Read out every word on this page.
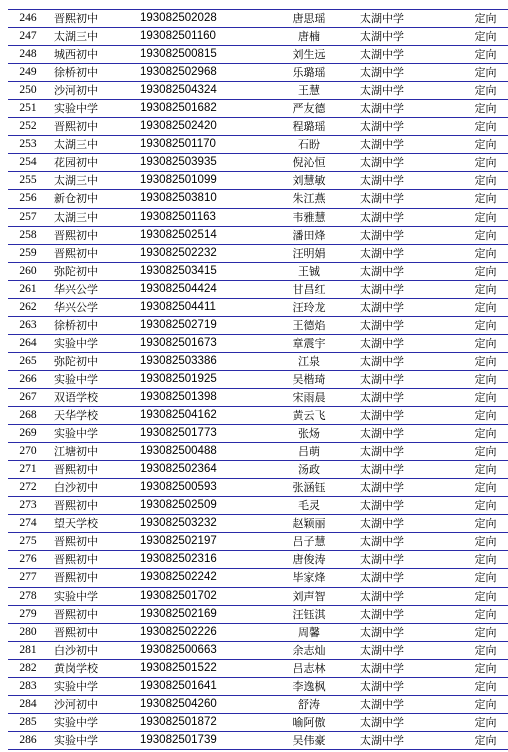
246	晋熙初中	193082502028	唐思瑶	太湖中学	定向
247	太湖三中	193082501160	唐楠	太湖中学	定向
248	城西初中	193082500815	刘生远	太湖中学	定向
249	徐桥初中	193082502968	乐璐瑶	太湖中学	定向
250	沙河初中	193082504324	王慧	太湖中学	定向
251	实验中学	193082501682	严友德	太湖中学	定向
252	晋熙初中	193082502420	程璐瑶	太湖中学	定向
253	太湖三中	193082501170	石盼	太湖中学	定向
254	花园初中	193082503935	倪沁恒	太湖中学	定向
255	太湖三中	193082501099	刘慧敏	太湖中学	定向
256	新仓初中	193082503810	朱江燕	太湖中学	定向
257	太湖三中	193082501163	韦雅慧	太湖中学	定向
258	晋熙初中	193082502514	潘田烽	太湖中学	定向
259	晋熙初中	193082502232	汪明娟	太湖中学	定向
260	弥陀初中	193082503415	王铖	太湖中学	定向
261	华兴公学	193082504424	甘昌红	太湖中学	定向
262	华兴公学	193082504411	汪玲龙	太湖中学	定向
263	徐桥初中	193082502719	王德焰	太湖中学	定向
264	实验中学	193082501673	章震宇	太湖中学	定向
265	弥陀初中	193082503386	江泉	太湖中学	定向
266	实验中学	193082501925	吴楷琦	太湖中学	定向
267	双语学校	193082501398	宋雨晨	太湖中学	定向
268	天华学校	193082504162	黄云飞	太湖中学	定向
269	实验中学	193082501773	张炀	太湖中学	定向
270	江塘初中	193082500488	吕萌	太湖中学	定向
271	晋熙初中	193082502364	汤政	太湖中学	定向
272	白沙初中	193082500593	张涵钰	太湖中学	定向
273	晋熙初中	193082502509	毛灵	太湖中学	定向
274	望天学校	193082503232	赵颖丽	太湖中学	定向
275	晋熙初中	193082502197	吕子慧	太湖中学	定向
276	晋熙初中	193082502316	唐俊涛	太湖中学	定向
277	晋熙初中	193082502242	毕家烽	太湖中学	定向
278	实验中学	193082501702	刘声智	太湖中学	定向
279	晋熙初中	193082502169	汪钰淇	太湖中学	定向
280	晋熙初中	193082502226	周馨	太湖中学	定向
281	白沙初中	193082500663	余志灿	太湖中学	定向
282	黄岗学校	193082501522	吕志林	太湖中学	定向
283	实验中学	193082501641	李逸枫	太湖中学	定向
284	沙河初中	193082504260	舒涛	太湖中学	定向
285	实验中学	193082501872	喻阿傲	太湖中学	定向
286	实验中学	193082501739	吴伟豪	太湖中学	定向
